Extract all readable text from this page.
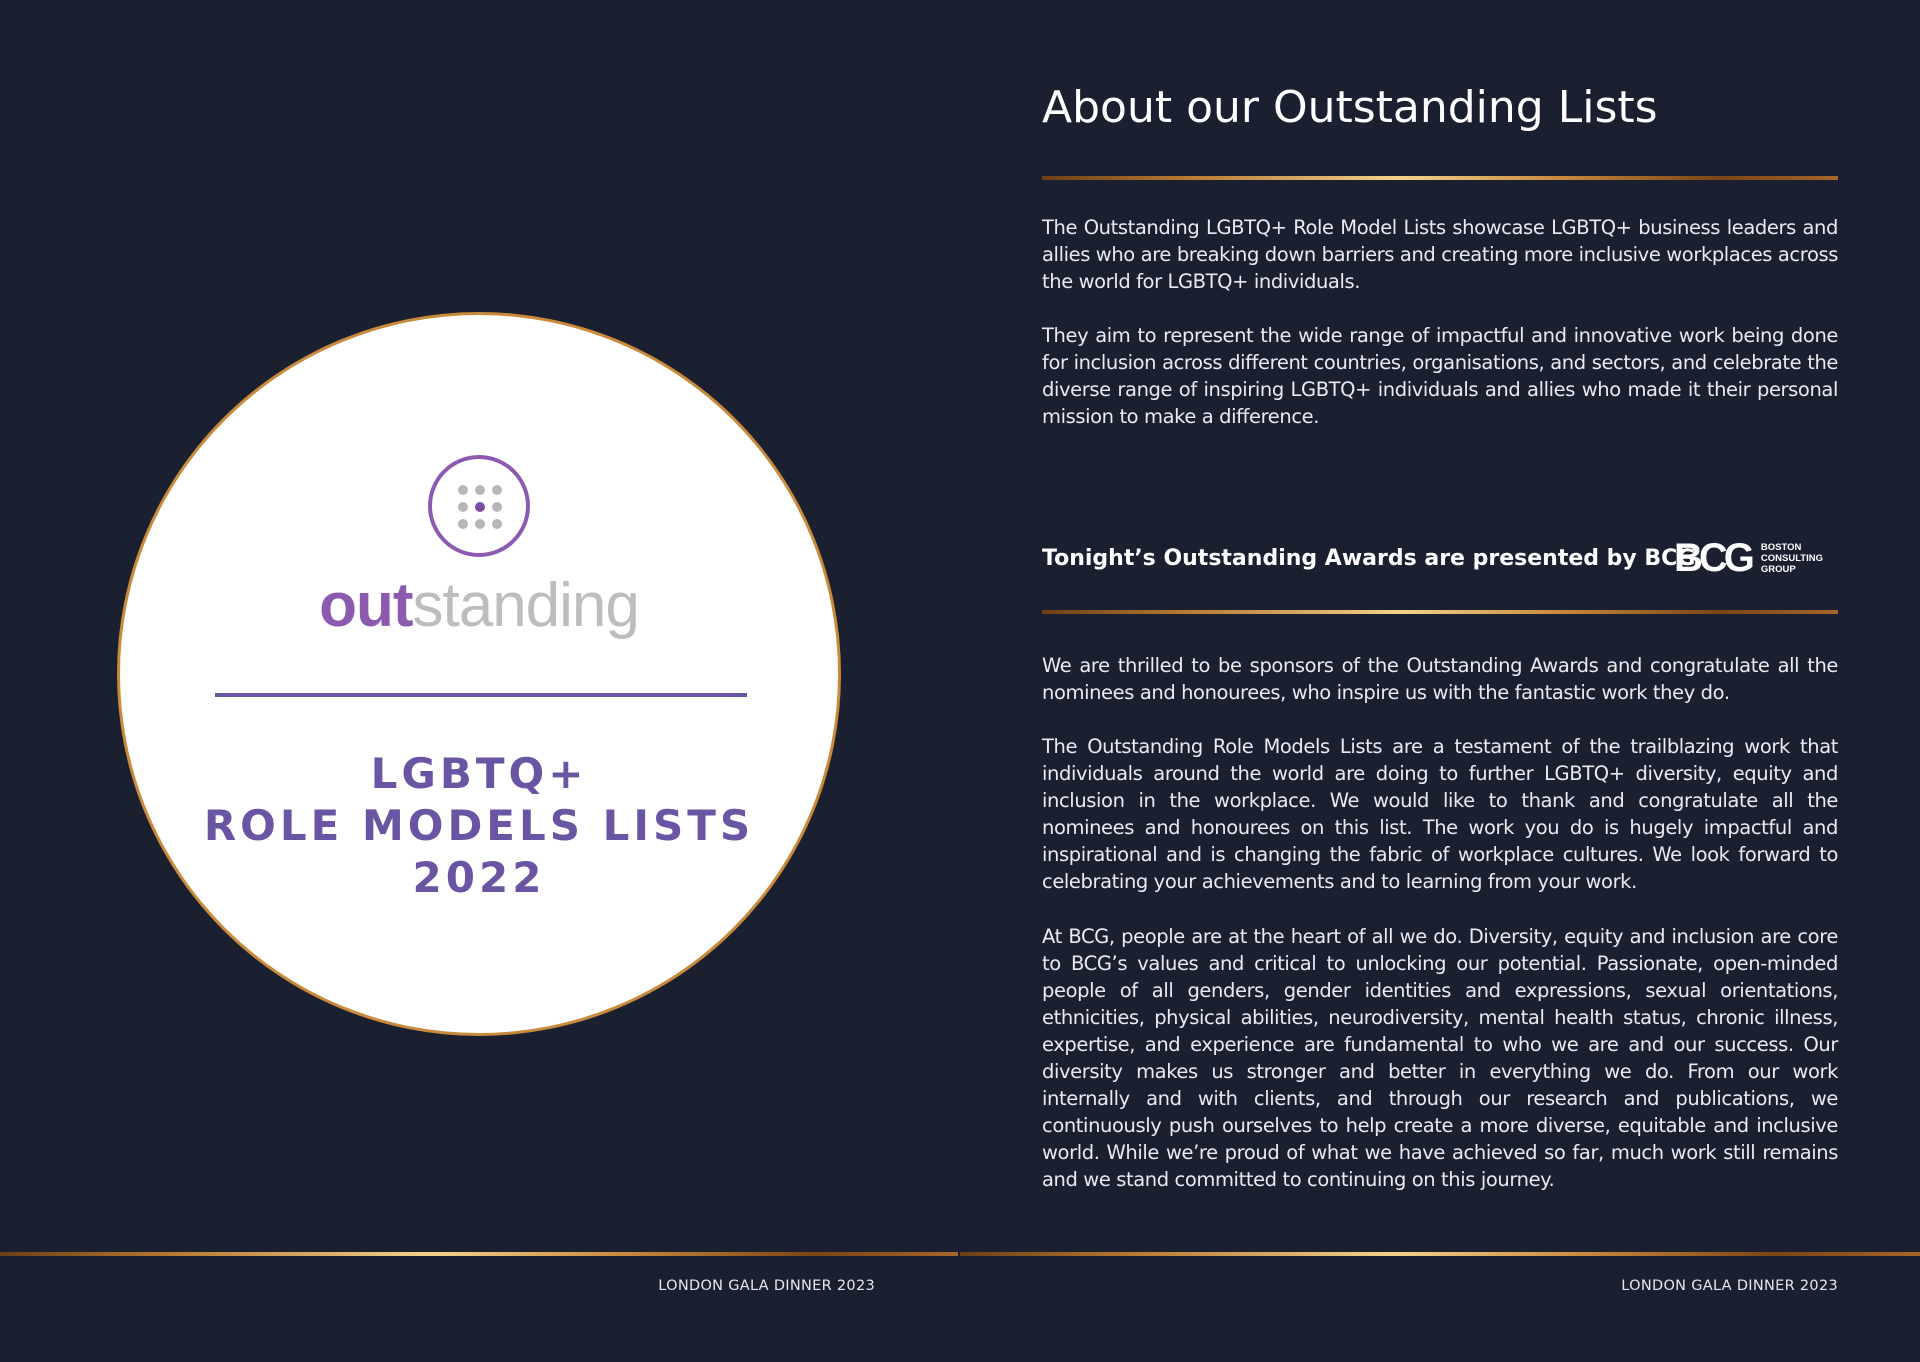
outstanding
LGBTQ+
ROLE MODELS LISTS
2022
LONDON GALA DINNER 2023
About our Outstanding Lists

The Outstanding LGBTQ+ Role Model Lists showcase LGBTQ+ business leaders and allies who are breaking down barriers and creating more inclusive workplaces across the world for LGBTQ+ individuals.

They aim to represent the wide range of impactful and innovative work being done for inclusion across different countries, organisations, and sectors, and celebrate the diverse range of inspiring LGBTQ+ individuals and allies who made it their personal mission to make a difference.

Tonight’s Outstanding Awards are presented by BCG
BCG BOSTON
CONSULTING
GROUP

We are thrilled to be sponsors of the Outstanding Awards and congratulate all the nominees and honourees, who inspire us with the fantastic work they do.

The Outstanding Role Models Lists are a testament of the trailblazing work that individuals around the world are doing to further LGBTQ+ diversity, equity and inclusion in the workplace. We would like to thank and congratulate all the nominees and honourees on this list. The work you do is hugely impactful and inspirational and is changing the fabric of workplace cultures. We look forward to celebrating your achievements and to learning from your work.

At BCG, people are at the heart of all we do. Diversity, equity and inclusion are core to BCG’s values and critical to unlocking our potential. Passionate, open-minded people of all genders, gender identities and expressions, sexual orientations, ethnicities, physical abilities, neurodiversity, mental health status, chronic illness, expertise, and experience are fundamental to who we are and our success. Our diversity makes us stronger and better in everything we do. From our work internally and with clients, and through our research and publications, we continuously push ourselves to help create a more diverse, equitable and inclusive world. While we’re proud of what we have achieved so far, much work still remains and we stand committed to continuing on this journey.

LONDON GALA DINNER 2023
